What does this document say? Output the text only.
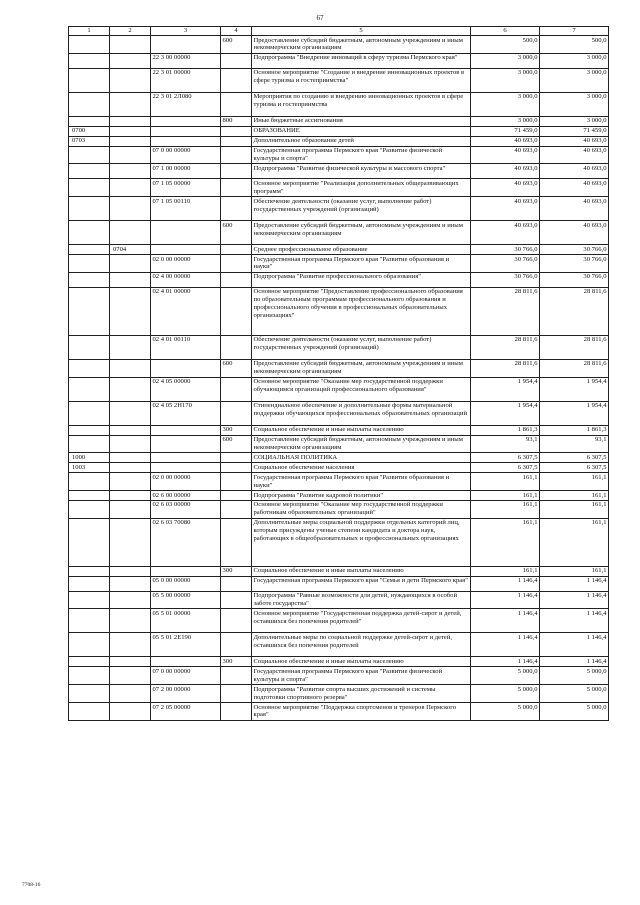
67
1	2	3	4	5	6	7
			600	Предоставление субсидий бюджетным, автономным учреждениям и иным некоммерческим организациям	500,0	500,0
		22 3 00 00000		Подпрограмма "Внедрение инноваций в сферу туризма Пермского края"	3 000,0	3 000,0
		22 3 01 00000		Основное мероприятие "Создание и внедрение инновационных проектов в сфере туризма и гостеприимства"	3 000,0	3 000,0
		22 3 01 2Л080		Мероприятия по созданию и внедрению инновационных проектов в сфере туризма и гостеприимства	3 000,0	3 000,0
			800	Иные бюджетные ассигнования	3 000,0	3 000,0
0700				ОБРАЗОВАНИЕ	71 459,0	71 459,0
0703				Дополнительное образование детей	40 693,0	40 693,0
		07 0 00 00000		Государственная программа Пермского края "Развитие физической культуры и спорта"	40 693,0	40 693,0
		07 1 00 00000		Подпрограмма "Развитие физической культуры и массового спорта"	40 693,0	40 693,0
		07 1 05 00000		Основное мероприятие "Реализация дополнительных общеразвивающих программ"	40 693,0	40 693,0
		07 1 05 00110		Обеспечение деятельности (оказание услуг, выполнение работ) государственных учреждений (организаций)	40 693,0	40 693,0
			600	Предоставление субсидий бюджетным, автономным учреждениям и иным некоммерческим организациям	40 693,0	40 693,0
	0704			Среднее профессиональное образование	30 766,0	30 766,0
		02 0 00 00000		Государственная программа Пермского края "Развитие образования и науки"	30 766,0	30 766,0
		02 4 00 00000		Подпрограмма "Развитие профессионального образования"	30 766,0	30 766,0
		02 4 01 00000		Основное мероприятие "Предоставление профессионального образования по образовательным программам профессионального образования и профессионального обучения в профессиональных образовательных организациях"	28 811,6	28 811,6
		02 4 01 00110		Обеспечение деятельности (оказание услуг, выполнение работ) государственных учреждений (организаций)	28 811,6	28 811,6
			600	Предоставление субсидий бюджетным, автономным учреждениям и иным некоммерческим организациям	28 811,6	28 811,6
		02 4 05 00000		Основное мероприятие "Оказание мер государственной поддержки обучающимся организаций профессионального образования"	1 954,4	1 954,4
		02 4 05 2Н170		Стипендиальное обеспечение и дополнительные формы материальной поддержки обучающихся профессиональных образовательных организаций	1 954,4	1 954,4
			300	Социальное обеспечение и иные выплаты населению	1 861,3	1 861,3
			600	Предоставление субсидий бюджетным, автономным учреждениям и иным некоммерческим организациям	93,1	93,1
1000				СОЦИАЛЬНАЯ ПОЛИТИКА	6 307,5	6 307,5
1003				Социальное обеспечение населения	6 307,5	6 307,5
		02 0 00 00000		Государственная программа Пермского края "Развитие образования и науки"	161,1	161,1
		02 6 00 00000		Подпрограмма "Развитие кадровой политики"	161,1	161,1
		02 6 03 00000		Основное мероприятие "Оказание мер государственной поддержки работникам образовательных организаций"	161,1	161,1
		02 6 03 70080		Дополнительные меры социальной поддержки отдельных категорий лиц, которым присуждены ученые степени кандидата и доктора наук, работающих в общеобразовательных и профессиональных организациях	161,1	161,1
			300	Социальное обеспечение и иные выплаты населению	161,1	161,1
		05 0 00 00000		Государственная программа Пермского края "Семья и дети Пермского края"	1 146,4	1 146,4
		05 5 00 00000		Подпрограмма "Равные возможности для детей, нуждающихся в особой заботе государства"	1 146,4	1 146,4
		05 5 01 00000		Основное мероприятие "Государственная поддержка детей-сирот и детей, оставшихся без попечения родителей"	1 146,4	1 146,4
		05 5 01 2Е190		Дополнительные меры по социальной поддержке детей-сирот и детей, оставшихся без попечения родителей	1 146,4	1 146,4
			300	Социальное обеспечение и иные выплаты населению	1 146,4	1 146,4
		07 0 00 00000		Государственная программа Пермского края "Развитие физической культуры и спорта"	5 000,0	5 000,0
		07 2 00 00000		Подпрограмма "Развитие спорта высших достижений и системы подготовки спортивного резерва"	5 000,0	5 000,0
		07 2 05 00000		Основное мероприятие "Поддержка спортсменов и тренеров Пермского края"	5 000,0	5 000,0
7708-16
